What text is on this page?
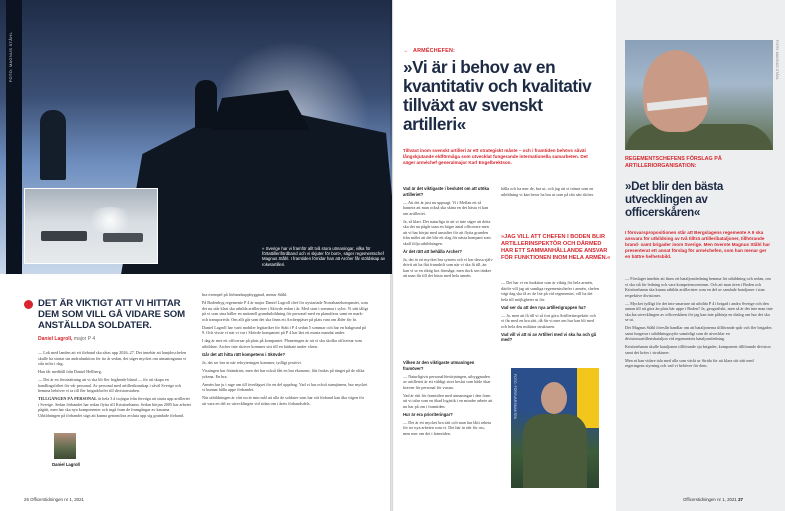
FOTO: MAGNUS STÅHL
» Sverige har vi framför allt två stora utmaningar, vilka för förtattillerifördband och vi skjuter för bort», säger regementschef Magnus Ståhl. I framtiden förridar han att Archer får stöldskap av roketartilleri.
DET ÄR VIKTIGT ATT VI HITTAR DEM SOM VILL GÅ VIDARE SOM ANSTÄLLDA SOLDATER.
Daniel Lagroll, major P 4

— Lok med landen att ett förband ska såtas upp 2026–27. Det innebär att hanjdoschefen skulle ha startat sin andrafunktion för tio år sedan, det säger mycket om utmaningarna vi står inför i dag.

Han får medhåll från Daniel Hellberg.

— Det är en förutsättning att vi ska bli fler frigående bland — för att skapa en handlingsfrihet för vår personal. Av personal med artillerikunskap i såväl Sverige och hemma behöver vi ta till fler brigadchefer till divisionstaben.

TILLGÅNGEN PÅ PERSONAL är hela 3 å tiojägar från förväga att starta upp artilleriet i Sverige. Sedan förbandet har redan flytta till Kristinehamn. Sedan början 2005 har arbetet pågått, men har ska nya komponenter och ingå fram de framgångar av kasarna. Utbildningen på förbandet sägs att kunna genomföra avsluta upp sig grundade förband.

Daniel Lagroll

bra exempel på förbandsuppbyggnad, menar Ståhl.

På Bodenbyg regemente P 4 är major Daniel Lagroll chef för nystartade Norrahanekompaniet, som det nu står klart ska utbilda artillerister i Skövde redan i år. Med start i sommar i sylor. Vi sätt tåligt på vi som sina håller en nationell grundutbildning för personal med en planaföras samt en mark- och transportvår. Om allt går som det ska finns ett Archerpjäser på plats runt om ålder för år.

Daniel Lagroll har varit mobiler legitariker för Stätt i P 4 sedan 5 sommar och har en bakgrund på 9. Och visste vi när vi var i Skövde kompaniet på P 4 har lärt ett musta mandat under.

I dag är mer ett officersar på plats på kompaniet. Planeringen är att vi ska skolka officersar som utbildare. Archer inte skriver kommer sist till en bädrate under våren.

Går det att hitta rätt kompetens i Skövde?

Ja, det ser bra ut när rekryteringen kommer, tydligt positivt.

Visningen har förändrats, men det har också fått en bra ekonomi, fått frodas på tänget på de olika yrkena. En bra.

Armén har ju i rage om till överlägset för en del uppdrag. Vad vi har också stamjärnen, hur mycket vi kunnat hålla uppe förbandet.

När utbildningen är vårt nu är min mål att alla de soldater som har sitt förband kan åka vägen för att vara en del av utvecklingen vid sidan om i årets förbandsdels.

26 Officerstidningen nr 1, 2021
→ ARMÉCHEFEN:
»Vi är i behov av en kvantitativ och kvalitativ tillväxt av svenskt artilleri«
Tillväxt inom svenskt artilleri är ett strategiskt måste – och i framtiden behövs såväl långskjutande eldförmåga som utvecklat fungerande internationella samarbeten. Det säger arméchef generalmajor Karl Engelbrektson.

Vad är det viktigaste i beslutet om att utöka artilleriet?

— Att det är just nu uppsagt. Vi i Mellan ett så hantera att man också ska skina en det bästa vi kan om artilleriet.

Ja, så klart. Det naturliga är att vi inte säger att detta ska det nu pågår utan en högre antal officerare men att vi har börjat med anstalter för att flytta grunden från målet att det blir ett slag för nästa kompani som skall följa utbildningen.

Är det rätt att behålla Archer?

Ja, det är ett mycket bra system och vi har dessa själv drivit att ha fått framdrift som när vi ska få till, än kan vi se en riktig bra förmåga, men dock sen tänker att man får till det bästa med hela armén.

hålla och ha mer de, bra ut, och jag att vi tränar som en utbildning vi kan beror ha bra ut som på rätt sätt sköter.

»JAG VILL ATT CHEFEN I BODEN BLIR ARTILLERINSPEKTÖR OCH DÄRMED HAR ETT SAMMANHÅLLANDE ANSVAR FÖR FUNKTIONEN INOM HELA ARMÉN.«

Vilken är den viktigaste utmaningen framöver?

— Naturligtvis personalförsörjningen, utbyggnaden av artilleriet är ett väldigt stort beslut som både ökar kraven för personal för vuxna.

Vad är rätt för framtiden med utmaningar i den form att vi talar som en ökad logistik i en mindre arbete att nu har på om i framtiden.

Hur är era prioriteringar?

— Det är ett mycket bra sätt och man har låtit arbeta för tre nya arbeten som vi. Det här är rätt för oss, men mer om det i framtiden.

— Det har vi en funktion som är viktig för hela armén, därför vill jag att samliga regementschefer i armén, chefen vägt dag ska få av de lite på vid regementet, vill ha det hela till möjligheter ut för.

Vad ser du att den nya artillerigruppen ha?

— Ja, men att få till vi så fort göra Artilleriinspektör och vi får med en bra sätt, då får vi mer om hur kan bli med och hela den militära strukturen.

Vad vill vi att ni av Artilleri med vi ska ha och gå med?

FOTO: FÖRSVARSMAKTEN
FOTO: MAGNUS STÅHL
REGEMENTSCHEFENS FÖRSLAG PÅ ARTILLERIORGANISATION:
»Det blir den bästa utvecklingen av officerskåren«
I försvarspropositionen står att Bergslagens regemente A 9 ska ansvara för utbildning av två tillträ artilleribataljoner, tillhörande brand- samt brigader inom Sverige. Men överste Magnus Ståhl har presenterat ett annat förslag för arméchefen, som han menar ger en bättre helhetsbild.

— Förslaget innebär att finns ett bataljonsledning hemma för utbildning och sedan, om vi ska stå för ledning och vara kompetenscentrum. Och att man även i Boden och Kristinehamn ska kunna utbilda artillerister som en del av samlade bataljoner i sina respektive divisioner.

— Mycket tydligt för det inte smartare att utbilda P 4 i brigad i andra Sverige och den annan till att göra än plats här uppe i Boden? Ja, geografiskt, men så är det inte man inte ska åta utvecklingen av officerskåren för jag kan inte påbörja en dialog om hur det ska se ut.

Det Magnus Ståhl föreslår handlar om att bataljonerna tillförande spår och fler brigader, samt fungerar i utbildningssyfte samtidigt som de utvecklar en divisionsartillerisbataljon vid regementets bataljonsledning.

Kristinehamn skulle bataljonen tillförande sju brigader, komponent tillförande division samt det krävs i strukturer.

Men ni kan vidare tala med alla som väckt ur Strida för att klara sitt sätt med regeringens styrning och vad vi behöver för dem.

Officerstidningen nr 1, 2021 27
